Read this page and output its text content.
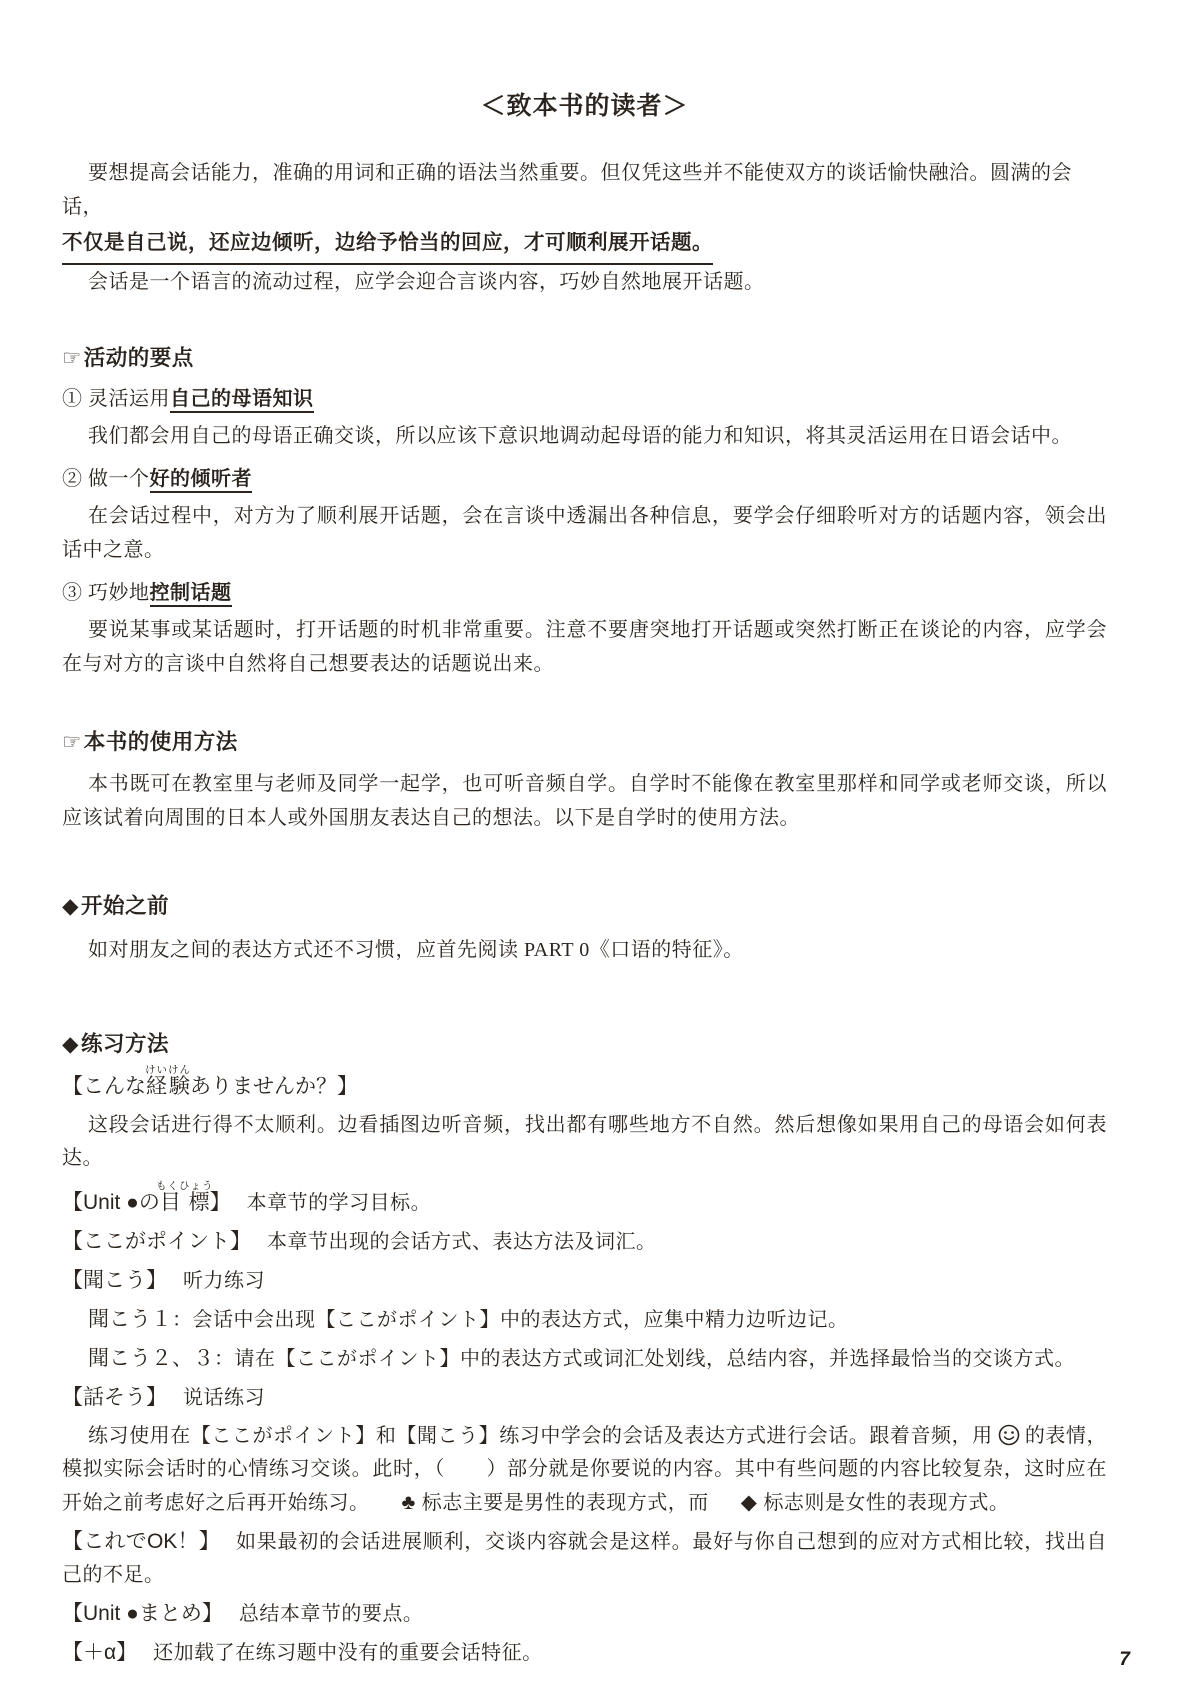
＜致本书的读者＞
要想提高会话能力，准确的用词和正确的语法当然重要。但仅凭这些并不能使双方的谈话愉快融洽。圆满的会话，
不仅是自己说，还应边倾听，边给予恰当的回应，才可顺利展开话题。
会话是一个语言的流动过程，应学会迎合言谈内容，巧妙自然地展开话题。
☞活动的要点
① 灵活运用自己的母语知识
我们都会用自己的母语正确交谈，所以应该下意识地调动起母语的能力和知识，将其灵活运用在日语会话中。
② 做一个好的倾听者
在会话过程中，对方为了顺利展开话题，会在言谈中透漏出各种信息，要学会仔细聆听对方的话题内容，领会出话中之意。
③ 巧妙地控制话题
要说某事或某话题时，打开话题的时机非常重要。注意不要唐突地打开话题或突然打断正在谈论的内容，应学会在与对方的言谈中自然将自己想要表达的话题说出来。
☞本书的使用方法
本书既可在教室里与老师及同学一起学，也可听音频自学。自学时不能像在教室里那样和同学或老师交谈，所以应该试着向周围的日本人或外国朋友表达自己的想法。以下是自学时的使用方法。
◆开始之前
如对朋友之间的表达方式还不习惯，应首先阅读 PART 0《口语的特征》。
◆练习方法
【こんな経験けいけんありませんか？】
这段会话进行得不太顺利。边看插图边听音频，找出都有哪些地方不自然。然后想像如果用自己的母语会如何表达。
【Unit ●の目標もくひょう】 本章节的学习目标。
【ここがポイント】 本章节出现的会话方式、表达方法及词汇。
【聞こう】 听力练习
聞こう１：会话中会出现【ここがポイント】中的表达方式，应集中精力边听边记。
聞こう２、３：请在【ここがポイント】中的表达方式或词汇处划线，总结内容，并选择最恰当的交谈方式。
【話そう】 说话练习
练习使用在【ここがポイント】和【聞こう】练习中学会的会话及表达方式进行会话。跟着音频，用 的表情，模拟实际会话时的心情练习交谈。此时，（　　）部分就是你要说的内容。其中有些问题的内容比较复杂，这时应在开始之前考虑好之后再开始练习。 ♣ 标志主要是男性的表现方式，而 ◆ 标志则是女性的表现方式。
【これでOK！】 如果最初的会话进展顺利，交谈内容就会是这样。最好与你自己想到的应对方式相比较，找出自己的不足。
【Unit ●まとめ】 总结本章节的要点。
【＋α】 还加载了在练习题中没有的重要会话特征。	7
